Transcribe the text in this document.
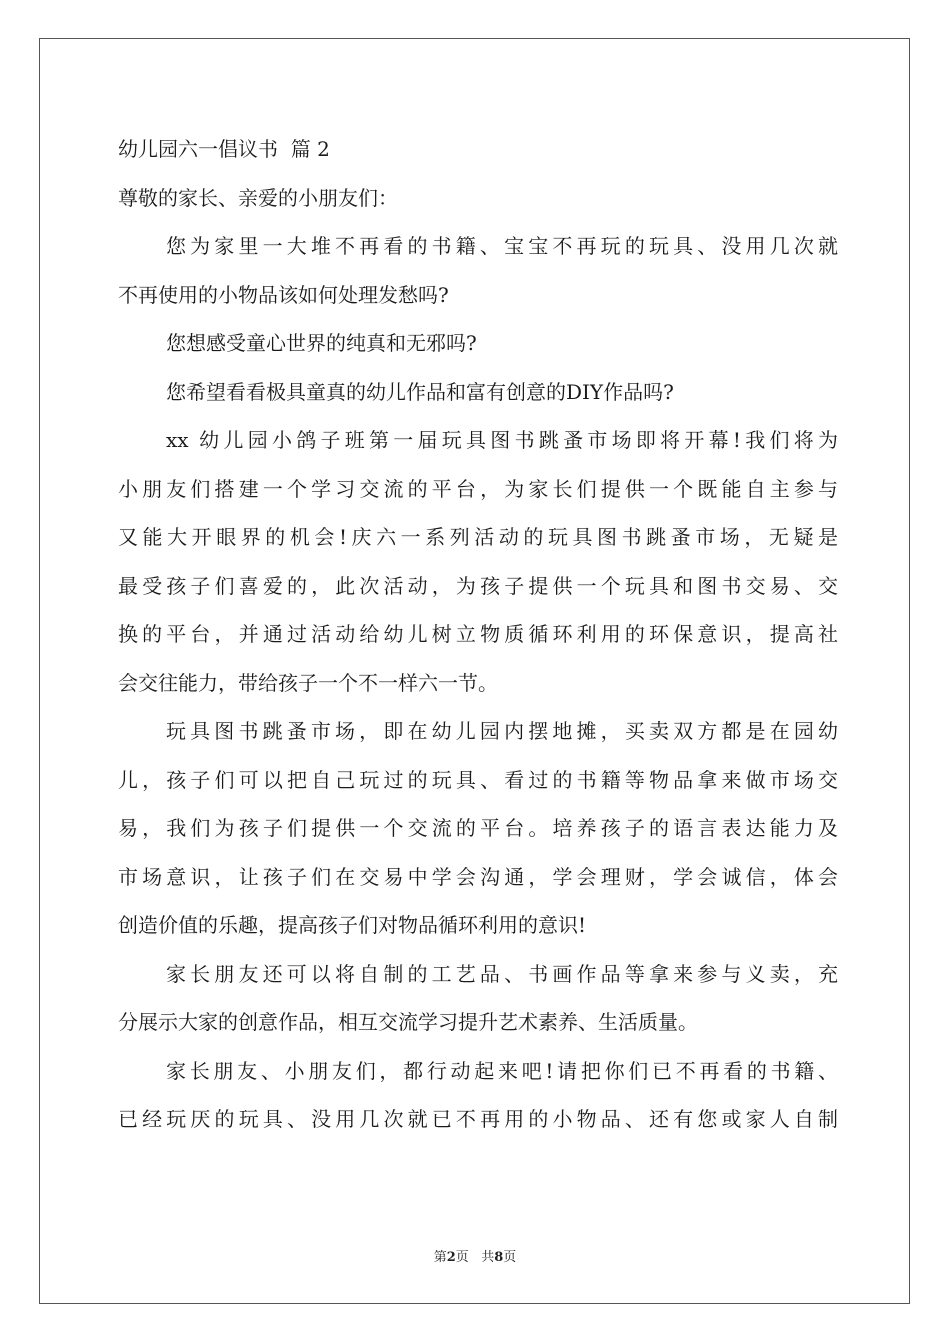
幼儿园六一倡议书  篇 2
尊敬的家长、亲爱的小朋友们：
您为家里一大堆不再看的书籍、宝宝不再玩的玩具、没用几次就
不再使用的小物品该如何处理发愁吗?
您想感受童心世界的纯真和无邪吗?
您希望看看极具童真的幼儿作品和富有创意的DIY作品吗?
xx 幼儿园小鸽子班第一届玩具图书跳蚤市场即将开幕!我们将为
小朋友们搭建一个学习交流的平台，为家长们提供一个既能自主参与
又能大开眼界的机会!庆六一系列活动的玩具图书跳蚤市场，无疑是
最受孩子们喜爱的，此次活动，为孩子提供一个玩具和图书交易、交
换的平台，并通过活动给幼儿树立物质循环利用的环保意识，提高社
会交往能力，带给孩子一个不一样六一节。
玩具图书跳蚤市场，即在幼儿园内摆地摊，买卖双方都是在园幼
儿，孩子们可以把自己玩过的玩具、看过的书籍等物品拿来做市场交
易，我们为孩子们提供一个交流的平台。培养孩子的语言表达能力及
市场意识，让孩子们在交易中学会沟通，学会理财，学会诚信，体会
创造价值的乐趣，提高孩子们对物品循环利用的意识!
家长朋友还可以将自制的工艺品、书画作品等拿来参与义卖，充
分展示大家的创意作品，相互交流学习提升艺术素养、生活质量。
家长朋友、小朋友们，都行动起来吧!请把你们已不再看的书籍、
已经玩厌的玩具、没用几次就已不再用的小物品、还有您或家人自制
第2页   共8页
